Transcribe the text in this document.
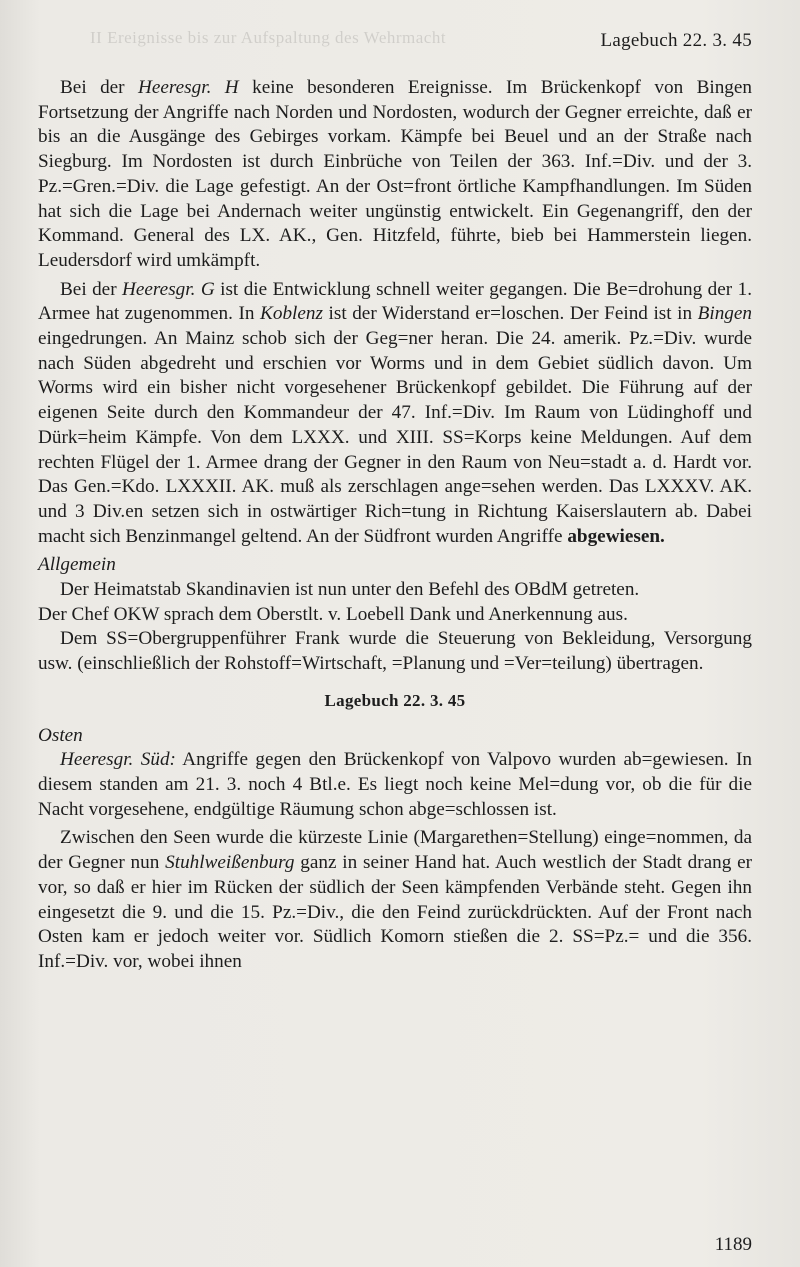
II Ereignisse bis zur Aufspaltung des Wehrmacht	Lagebuch 22. 3. 45

Bei der Heeresgr. H keine besonderen Ereignisse. Im Brückenkopf von Bingen Fortsetzung der Angriffe nach Norden und Nordosten, wodurch der Gegner erreichte, daß er bis an die Ausgänge des Gebirges vorkam. Kämpfe bei Beuel und an der Straße nach Siegburg. Im Nordosten ist durch Einbrüche von Teilen der 363. Inf.=Div. und der 3. Pz.=Gren.=Div. die Lage gefestigt. An der Ost=front örtliche Kampfhandlungen. Im Süden hat sich die Lage bei Andernach weiter ungünstig entwickelt. Ein Gegenangriff, den der Kommand. General des LX. AK., Gen. Hitzfeld, führte, bieb bei Hammerstein liegen. Leudersdorf wird umkämpft.

Bei der Heeresgr. G ist die Entwicklung schnell weiter gegangen. Die Be=drohung der 1. Armee hat zugenommen. In Koblenz ist der Widerstand er=loschen. Der Feind ist in Bingen eingedrungen. An Mainz schob sich der Geg=ner heran. Die 24. amerik. Pz.=Div. wurde nach Süden abgedreht und erschien vor Worms und in dem Gebiet südlich davon. Um Worms wird ein bisher nicht vorgesehener Brückenkopf gebildet. Die Führung auf der eigenen Seite durch den Kommandeur der 47. Inf.=Div. Im Raum von Lüdinghoff und Dürk=heim Kämpfe. Von dem LXXX. und XIII. SS=Korps keine Meldungen. Auf dem rechten Flügel der 1. Armee drang der Gegner in den Raum von Neu=stadt a. d. Hardt vor. Das Gen.=Kdo. LXXXII. AK. muß als zerschlagen ange=sehen werden. Das LXXXV. AK. und 3 Div.en setzen sich in ostwärtiger Rich=tung in Richtung Kaiserslautern ab. Dabei macht sich Benzinmangel geltend. An der Südfront wurden Angriffe abgewiesen.

Allgemein

Der Heimatstab Skandinavien ist nun unter den Befehl des OBdM getreten.

Der Chef OKW sprach dem Oberstlt. v. Loebell Dank und Anerkennung aus.

Dem SS=Obergruppenführer Frank wurde die Steuerung von Bekleidung, Versorgung usw. (einschließlich der Rohstoff=Wirtschaft, =Planung und =Ver=teilung) übertragen.

Lagebuch 22. 3. 45
Osten

Heeresgr. Süd: Angriffe gegen den Brückenkopf von Valpovo wurden ab=gewiesen. In diesem standen am 21. 3. noch 4 Btl.e. Es liegt noch keine Mel=dung vor, ob die für die Nacht vorgesehene, endgültige Räumung schon abge=schlossen ist.

Zwischen den Seen wurde die kürzeste Linie (Margarethen=Stellung) einge=nommen, da der Gegner nun Stuhlweißenburg ganz in seiner Hand hat. Auch westlich der Stadt drang er vor, so daß er hier im Rücken der südlich der Seen kämpfenden Verbände steht. Gegen ihn eingesetzt die 9. und die 15. Pz.=Div., die den Feind zurückdrückten. Auf der Front nach Osten kam er jedoch weiter vor. Südlich Komorn stießen die 2. SS=Pz.= und die 356. Inf.=Div. vor, wobei ihnen

1189
